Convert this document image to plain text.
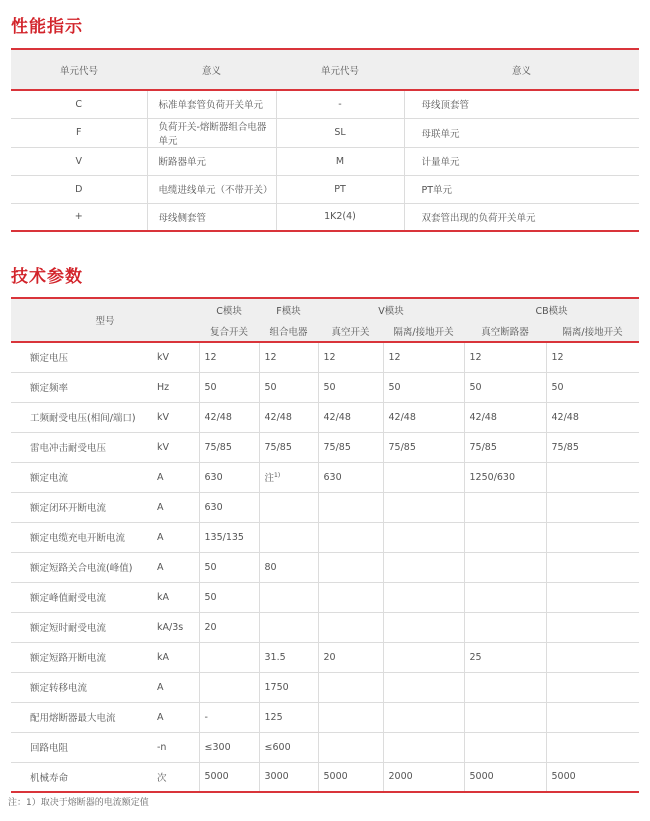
性能指示
单元代号	意义	单元代号	意义
C	标准单套管负荷开关单元	-	母线顶套管
F	负荷开关-熔断器组合电器单元	SL	母联单元
V	断路器单元	M	计量单元
D	电缆进线单元（不带开关）	PT	PT单元
+	母线侧套管	1K2(4)	双套管出现的负荷开关单元
技术参数
型号		C模块	F模块	V模块		CB模块	
		复合开关	组合电器	真空开关	隔离/接地开关	真空断路器	隔离/接地开关
额定电压	kV	12	12	12	12	12	12
额定频率	Hz	50	50	50	50	50	50
工频耐受电压(相间/端口)	kV	42/48	42/48	42/48	42/48	42/48	42/48
雷电冲击耐受电压	kV	75/85	75/85	75/85	75/85	75/85	75/85
额定电流	A	630	注$^{1)}$	630		1250/630	
额定闭环开断电流	A	630					
额定电缆充电开断电流	A	135/135					
额定短路关合电流(峰值)	A	50	80				
额定峰值耐受电流	kA	50					
额定短时耐受电流	kA/3s	20					
额定短路开断电流	kA		31.5	20		25	
额定转移电流	A		1750				
配用熔断器最大电流	A	-	125				
回路电阻	-n	≤300	≤600				
机械寿命	次	5000	3000	5000	2000	5000	5000
注：1）取决于熔断器的电流额定值
